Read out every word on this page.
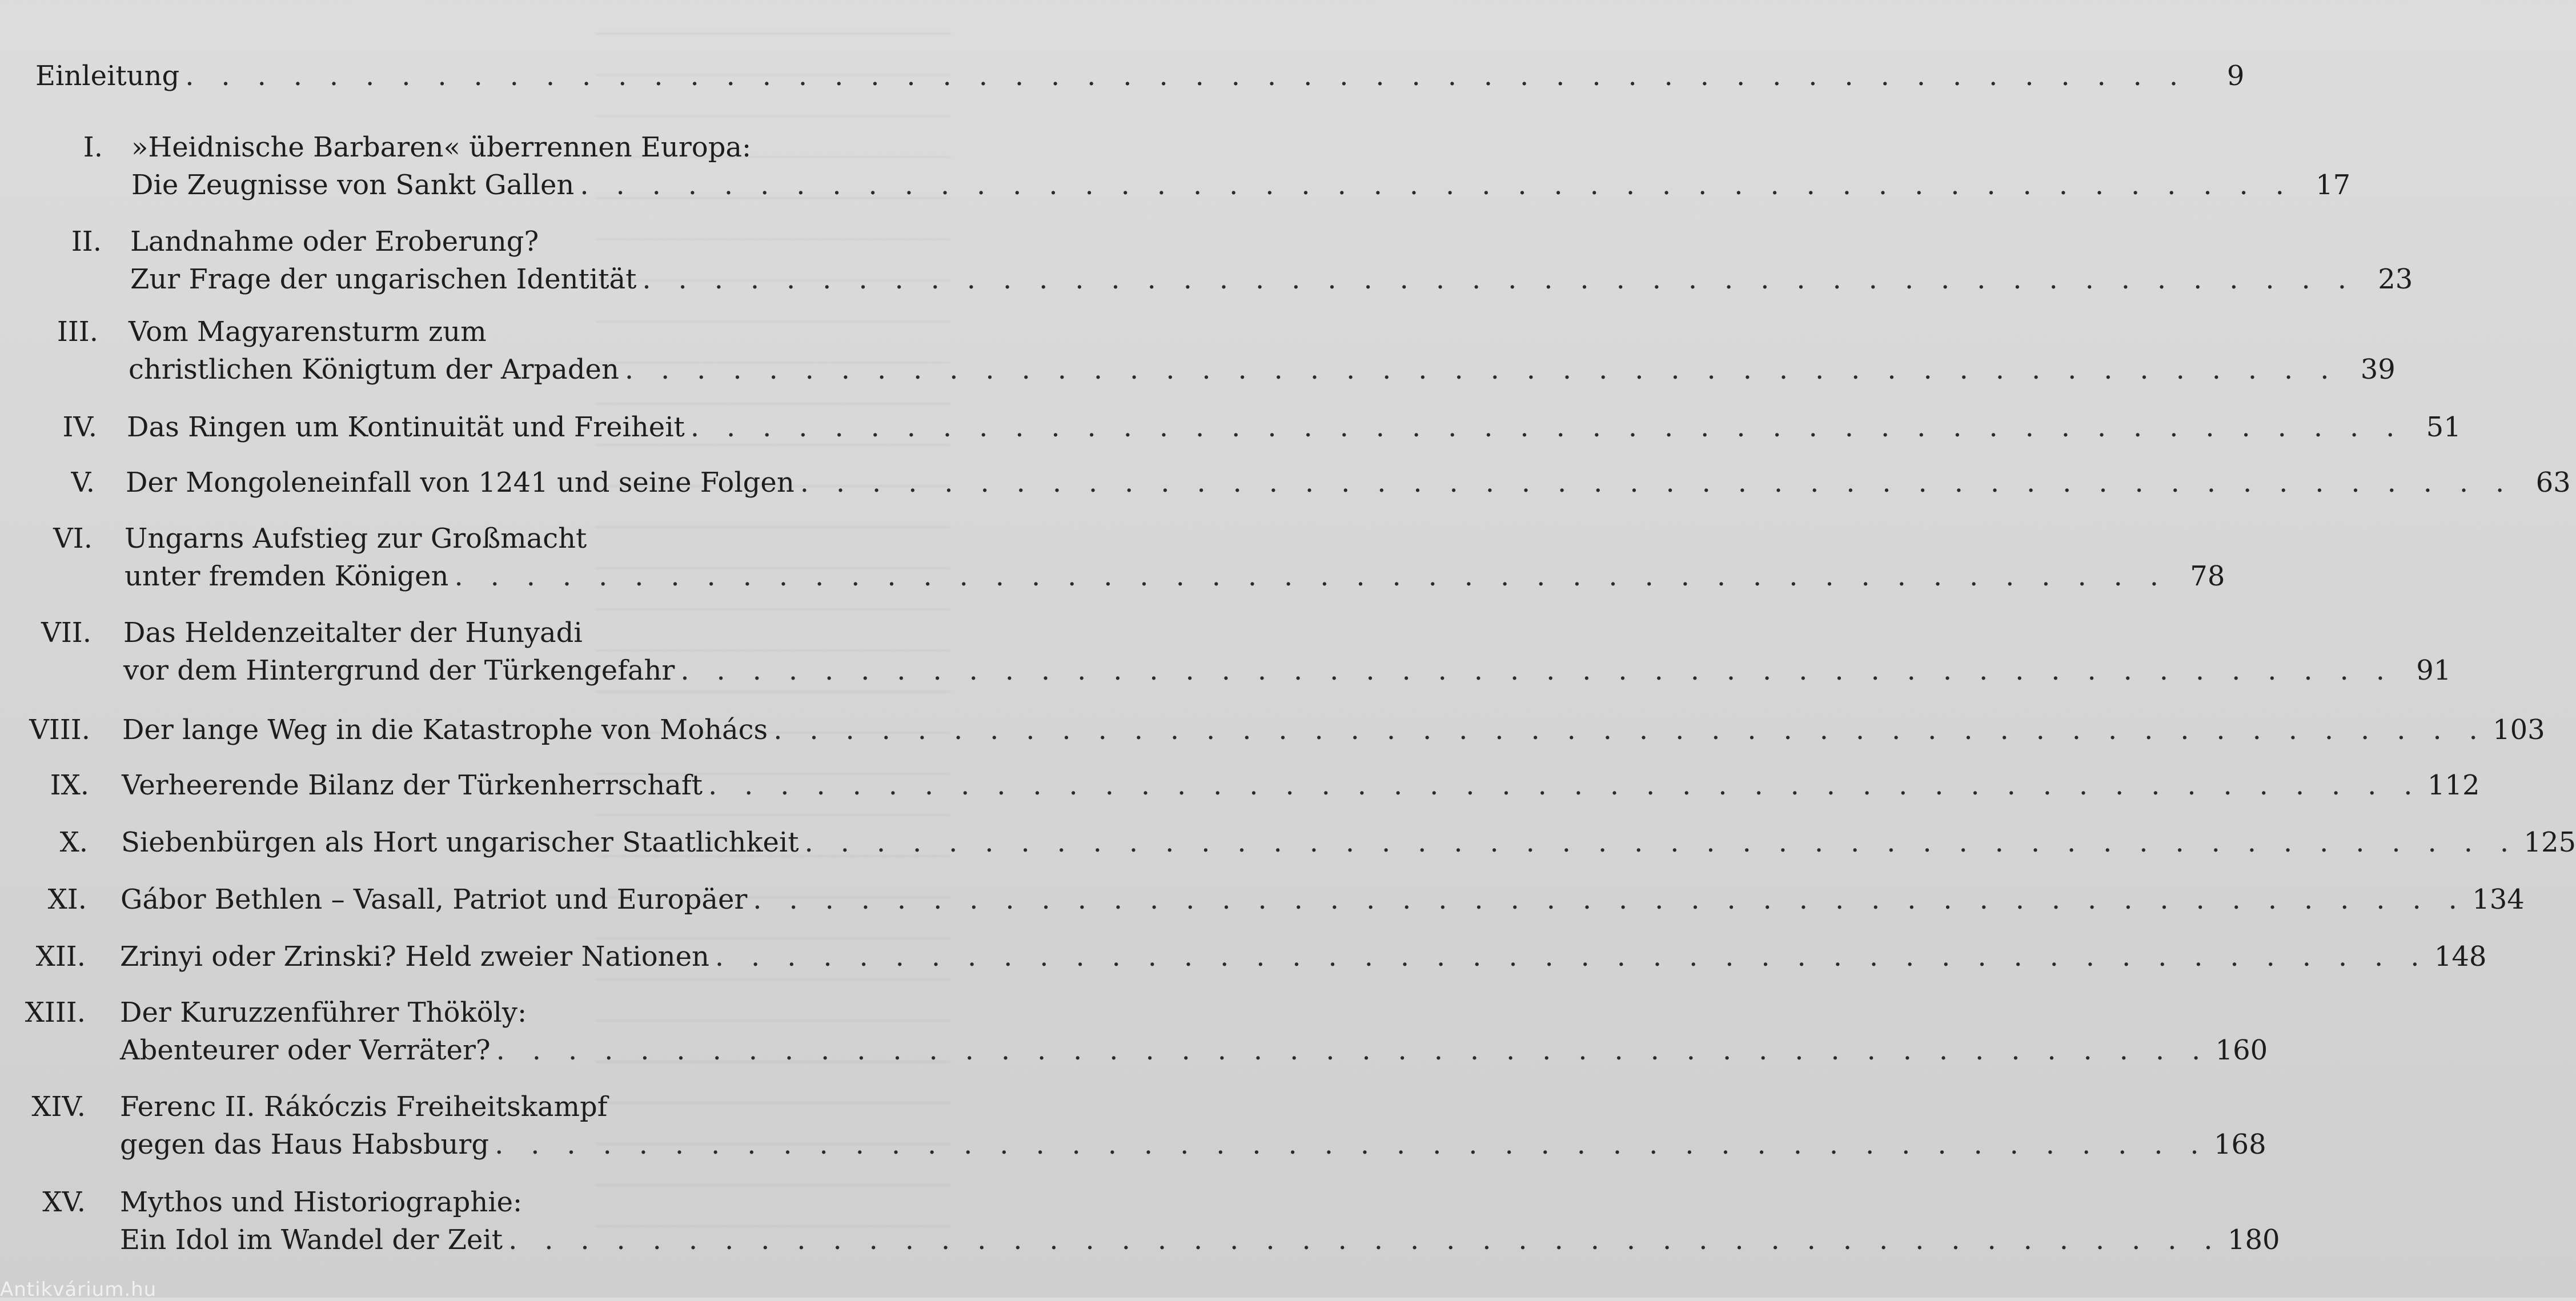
Einleitung . . . . . . . . . . . . . . . . . . . . . . . . . . . . . . . . . . . . . . . . . . . . . . . . . . . . . . . .	9
I. »Heidnische Barbaren« überrennen Europa:
Die Zeugnisse von Sankt Gallen . . . . . . . . . . . . . . . . . . . . . . . . . . . . . . . . . . . . . . . . . . . . . . . . 17
II. Landnahme oder Eroberung?
Zur Frage der ungarischen Identität . . . . . . . . . . . . . . . . . . . . . . . . . . . . . . . . . . . . . . . . . . . . . . . . 23
III. Vom Magyarensturm zum
christlichen Königtum der Arpaden . . . . . . . . . . . . . . . . . . . . . . . . . . . . . . . . . . . . . . . . . . . . . . . . 39
IV. Das Ringen um Kontinuität und Freiheit . . . . . . . . . . . . . . . . . . . . . . . . . . . . . . . . . . . . . . . . . . . . . . . . 51
V. Der Mongoleneinfall von 1241 und seine Folgen . . . . . . . . . . . . . . . . . . . . . . . . . . . . . . . . . . . . . . . . . . . . . . . . 63
VI. Ungarns Aufstieg zur Großmacht
unter fremden Königen . . . . . . . . . . . . . . . . . . . . . . . . . . . . . . . . . . . . . . . . . . . . . . . . 78
VII. Das Heldenzeitalter der Hunyadi
vor dem Hintergrund der Türkengefahr . . . . . . . . . . . . . . . . . . . . . . . . . . . . . . . . . . . . . . . . . . . . . . . . 91
VIII. Der lange Weg in die Katastrophe von Mohács . . . . . . . . . . . . . . . . . . . . . . . . . . . . . . . . . . . . . . . . . . . . . . . . 103
IX. Verheerende Bilanz der Türkenherrschaft . . . . . . . . . . . . . . . . . . . . . . . . . . . . . . . . . . . . . . . . . . . . . . . . 112
X. Siebenbürgen als Hort ungarischer Staatlichkeit . . . . . . . . . . . . . . . . . . . . . . . . . . . . . . . . . . . . . . . . . . . . . . . . 125
XI. Gábor Bethlen – Vasall, Patriot und Europäer . . . . . . . . . . . . . . . . . . . . . . . . . . . . . . . . . . . . . . . . . . . . . . . . 134
XII. Zrinyi oder Zrinski? Held zweier Nationen . . . . . . . . . . . . . . . . . . . . . . . . . . . . . . . . . . . . . . . . . . . . . . . . 148
XIII. Der Kuruzzenführer Thököly:
Abenteurer oder Verräter? . . . . . . . . . . . . . . . . . . . . . . . . . . . . . . . . . . . . . . . . . . . . . . . . 160
XIV. Ferenc II. Rákóczis Freiheitskampf
gegen das Haus Habsburg . . . . . . . . . . . . . . . . . . . . . . . . . . . . . . . . . . . . . . . . . . . . . . . . 168
XV. Mythos und Historiographie:
Ein Idol im Wandel der Zeit . . . . . . . . . . . . . . . . . . . . . . . . . . . . . . . . . . . . . . . . . . . . . . . . 180
Antikvárium.hu
